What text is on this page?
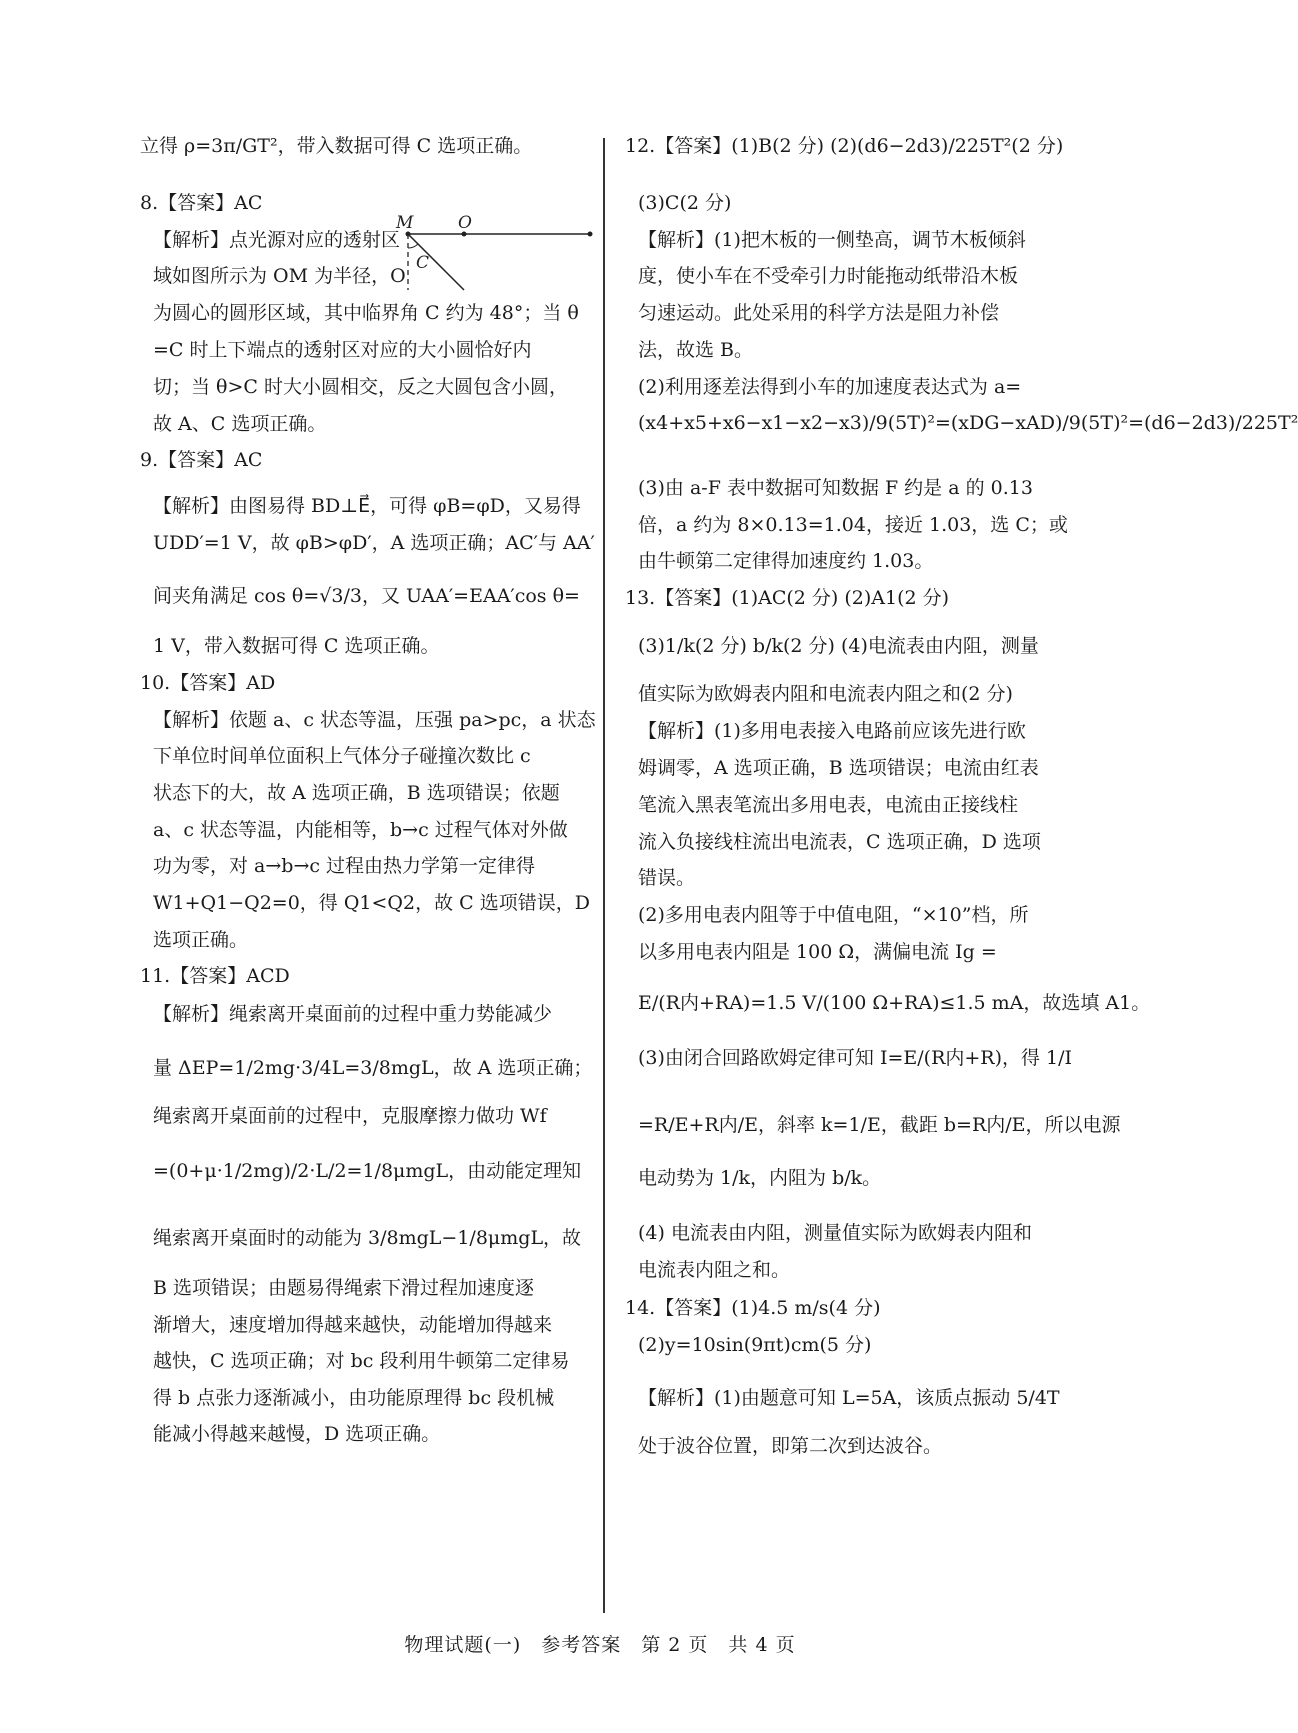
立得 ρ=3π/GT²，带入数据可得 C 选项正确。
8.【答案】AC
【解析】点光源对应的透射区
域如图所示为 OM 为半径，O
为圆心的圆形区域，其中临界角 C 约为 48°；当 θ
=C 时上下端点的透射区对应的大小圆恰好内
切；当 θ>C 时大小圆相交，反之大圆包含小圆，
故 A、C 选项正确。
9.【答案】AC
【解析】由图易得 BD⊥E⃗，可得 φB=φD，又易得
UDD′=1 V，故 φB>φD′，A 选项正确；AC′与 AA′
间夹角满足 cos θ=√3/3，又 UAA′=EAA′cos θ=
1 V，带入数据可得 C 选项正确。
10.【答案】AD
【解析】依题 a、c 状态等温，压强 pa>pc，a 状态
下单位时间单位面积上气体分子碰撞次数比 c
状态下的大，故 A 选项正确，B 选项错误；依题
a、c 状态等温，内能相等，b→c 过程气体对外做
功为零，对 a→b→c 过程由热力学第一定律得
W1+Q1−Q2=0，得 Q1<Q2，故 C 选项错误，D
选项正确。
11.【答案】ACD
【解析】绳索离开桌面前的过程中重力势能减少
量 ΔEP=1/2mg·3/4L=3/8mgL，故 A 选项正确；
绳索离开桌面前的过程中，克服摩擦力做功 Wf
=(0+μ·1/2mg)/2·L/2=1/8μmgL，由动能定理知
绳索离开桌面时的动能为 3/8mgL−1/8μmgL，故
B 选项错误；由题易得绳索下滑过程加速度逐
渐增大，速度增加得越来越快，动能增加得越来
越快，C 选项正确；对 bc 段利用牛顿第二定律易
得 b 点张力逐渐减小，由功能原理得 bc 段机械
能减小得越来越慢，D 选项正确。
12.【答案】(1)B(2 分) (2)(d6−2d3)/225T²(2 分)
(3)C(2 分)
【解析】(1)把木板的一侧垫高，调节木板倾斜
度，使小车在不受牵引力时能拖动纸带沿木板
匀速运动。此处采用的科学方法是阻力补偿
法，故选 B。
(2)利用逐差法得到小车的加速度表达式为 a=
(x4+x5+x6−x1−x2−x3)/9(5T)²=(xDG−xAD)/9(5T)²=(d6−2d3)/225T²
(3)由 a-F 表中数据可知数据 F 约是 a 的 0.13
倍，a 约为 8×0.13=1.04，接近 1.03，选 C；或
由牛顿第二定律得加速度约 1.03。
13.【答案】(1)AC(2 分) (2)A1(2 分)
(3)1/k(2 分) b/k(2 分) (4)电流表由内阻，测量
值实际为欧姆表内阻和电流表内阻之和(2 分)
【解析】(1)多用电表接入电路前应该先进行欧
姆调零，A 选项正确，B 选项错误；电流由红表
笔流入黑表笔流出多用电表，电流由正接线柱
流入负接线柱流出电流表，C 选项正确，D 选项
错误。
(2)多用电表内阻等于中值电阻，“×10”档，所
以多用电表内阻是 100 Ω，满偏电流 Ig =
E/(R内+RA)=1.5 V/(100 Ω+RA)≤1.5 mA，故选填 A1。
(3)由闭合回路欧姆定律可知 I=E/(R内+R)，得 1/I
=R/E+R内/E，斜率 k=1/E，截距 b=R内/E，所以电源
电动势为 1/k，内阻为 b/k。
(4) 电流表由内阻，测量值实际为欧姆表内阻和
电流表内阻之和。
14.【答案】(1)4.5 m/s(4 分)
(2)y=10sin(9πt)cm(5 分)
【解析】(1)由题意可知 L=5A，该质点振动 5/4T
处于波谷位置，即第二次到达波谷。
M	O
C
物理试题(一)　参考答案　第 2 页　共 4 页
